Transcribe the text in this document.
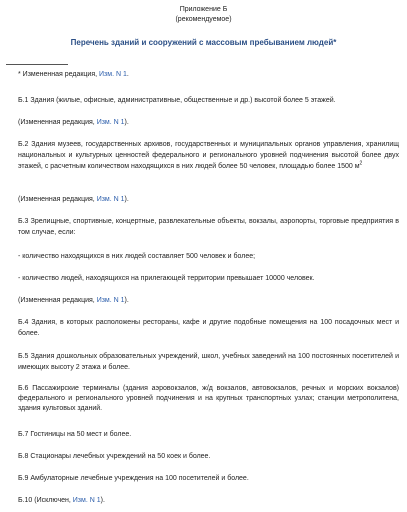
Приложение Б
(рекомендуемое)
Перечень зданий и сооружений с массовым пребыванием людей*

* Измененная редакция, Изм. N 1.

Б.1 Здания (жилые, офисные, административные, общественные и др.) высотой более 5 этажей.

(Измененная редакция, Изм. N 1).

Б.2 Здания музеев, государственных архивов, государственных и муниципальных органов управления, хранилищ национальных и культурных ценностей федерального и регионального уровней подчинения высотой более двух этажей, с расчетным количеством находящихся в них людей более 50 человек, площадью более 1500 $м^2$

(Измененная редакция, Изм. N 1).

Б.3 Зрелищные, спортивные, концертные, развлекательные объекты, вокзалы, аэропорты, торговые предприятия в том случае, если:

- количество находящихся в них людей составляет 500 человек и более;

- количество людей, находящихся на прилегающей территории превышает 10000 человек.

(Измененная редакция, Изм. N 1).

Б.4 Здания, в которых расположены рестораны, кафе и другие подобные помещения на 100 посадочных мест и более.

Б.5 Здания дошкольных образовательных учреждений, школ, учебных заведений на 100 постоянных посетителей и имеющих высоту 2 этажа и более.

Б.6 Пассажирские терминалы (здания аэровокзалов, ж/д вокзалов, автовокзалов, речных и морских вокзалов) федерального и регионального уровней подчинения и на крупных транспортных узлах; станции метрополитена, здания культовых зданий.

Б.7 Гостиницы на 50 мест и более.

Б.8 Стационары лечебных учреждений на 50 коек и более.

Б.9 Амбулаторные лечебные учреждения на 100 посетителей и более.

Б.10 (Исключен, Изм. N 1).
